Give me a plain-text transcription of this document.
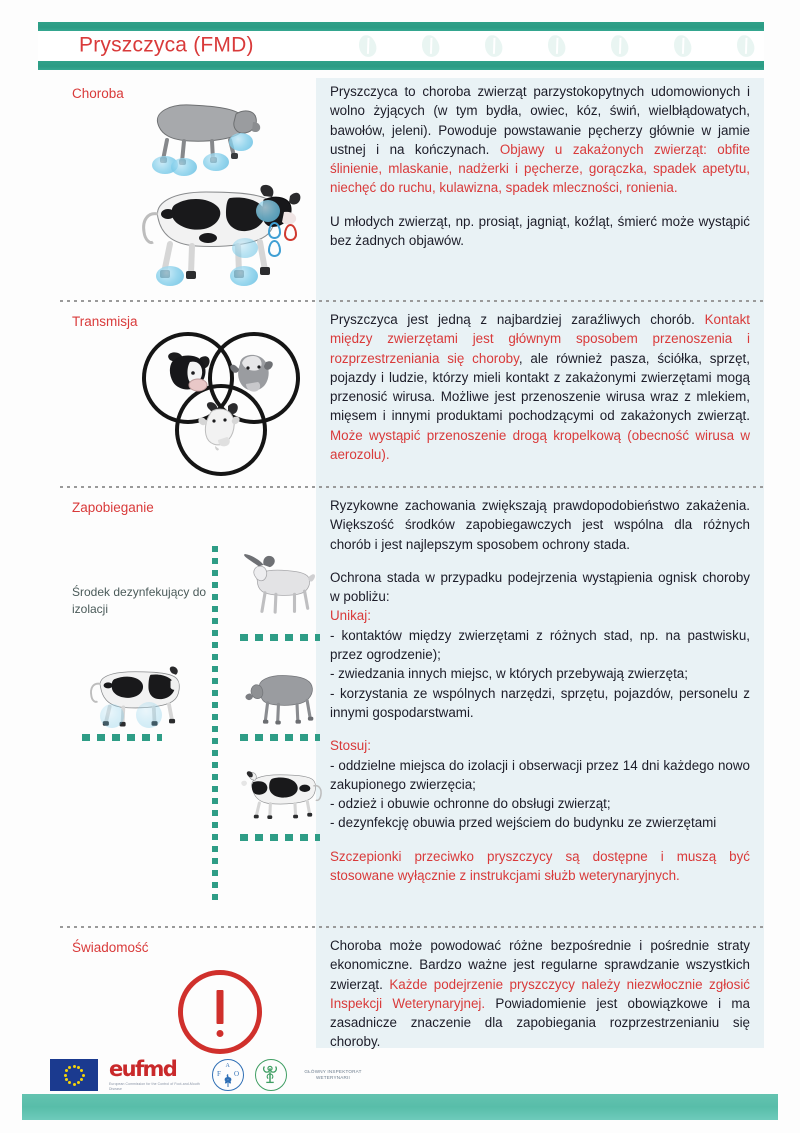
Pryszczyca (FMD)
Choroba	Pryszczyca to choroba zwierząt parzystokopytnych udomowionych i wolno żyjących (w tym bydła, owiec, kóz, świń, wielbłądowatych, bawołów, jeleni). Powoduje powstawanie pęcherzy głównie w jamie ustnej i na kończynach. Objawy u zakażonych zwierząt: obfite ślinienie, mlaskanie, nadżerki i pęcherze, gorączka, spadek apetytu, niechęć do ruchu, kulawizna, spadek mleczności, ronienia.

U młodych zwierząt, np. prosiąt, jagniąt, koźląt, śmierć może wystąpić bez żadnych objawów.

Transmisja	Pryszczyca jest jedną z najbardziej zaraźliwych chorób. Kontakt między zwierzętami jest głównym sposobem przenoszenia i rozprzestrzeniania się choroby, ale również pasza, ściółka, sprzęt, pojazdy i ludzie, którzy mieli kontakt z zakażonymi zwierzętami mogą przenosić wirusa. Możliwe jest przenoszenie wirusa wraz z mlekiem, mięsem i innymi produktami pochodzącymi od zakażonych zwierząt. Może wystąpić przenoszenie drogą kropelkową (obecność wirusa w aerozolu).

Zapobieganie
Środek dezynfekujący do izolacji

Ryzykowne zachowania zwiększają prawdopodobieństwo zakażenia. Większość środków zapobiegawczych jest wspólna dla różnych chorób i jest najlepszym sposobem ochrony stada.

Ochrona stada w przypadku podejrzenia wystąpienia ognisk choroby w pobliżu:

Unikaj:

- kontaktów między zwierzętami z różnych stad, np. na pastwisku, przez ogrodzenie);
- zwiedzania innych miejsc, w których przebywają zwierzęta;
- korzystania ze wspólnych narzędzi, sprzętu, pojazdów, personelu z innymi gospodarstwami.

Stosuj:

- oddzielne miejsca do izolacji i obserwacji przez 14 dni każdego nowo zakupionego zwierzęcia;
- odzież i obuwie ochronne do obsługi zwierząt;
- dezynfekcję obuwia przed wejściem do budynku ze zwierzętami

Szczepionki przeciwko pryszczycy są dostępne i muszą być stosowane wyłącznie z instrukcjami służb weterynaryjnych.

Świadomość	Choroba może powodować różne bezpośrednie i pośrednie straty ekonomiczne. Bardzo ważne jest regularne sprawdzanie wszystkich zwierząt. Każde podejrzenie pryszczycy należy niezwłocznie zgłosić Inspekcji Weterynaryjnej. Powiadomienie jest obowiązkowe i ma zasadnicze znaczenie dla zapobiegania rozprzestrzenianiu się choroby.

eufmd
European Commission for the Control of Foot-and-Mouth Disease
F
A
O	GŁÓWNY INSPEKTORAT WETERYNARII
